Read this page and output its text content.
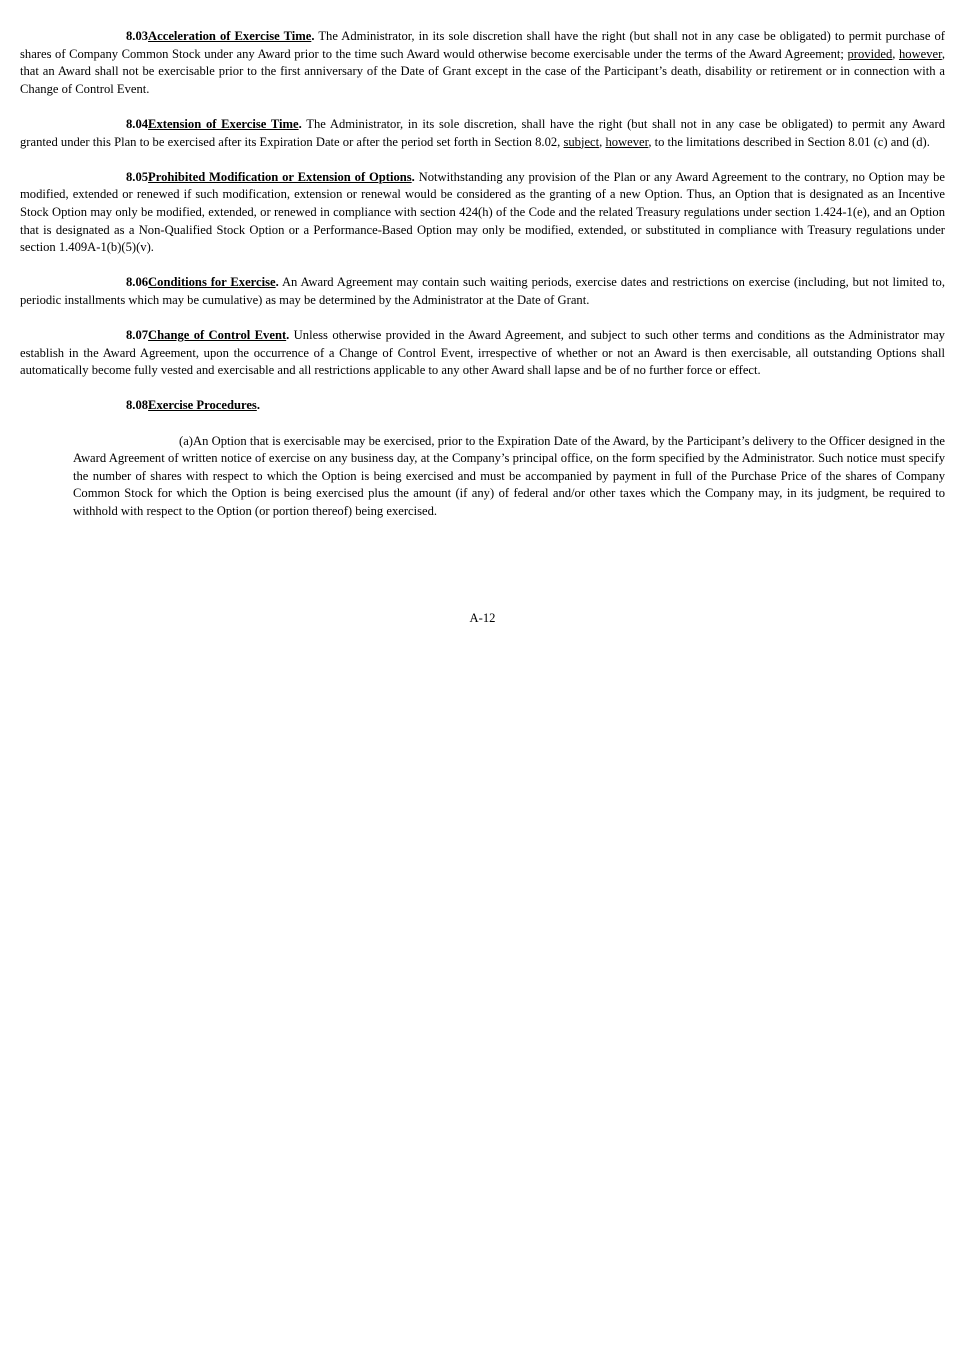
8.03Acceleration of Exercise Time. The Administrator, in its sole discretion shall have the right (but shall not in any case be obligated) to permit purchase of shares of Company Common Stock under any Award prior to the time such Award would otherwise become exercisable under the terms of the Award Agreement; provided, however, that an Award shall not be exercisable prior to the first anniversary of the Date of Grant except in the case of the Participant’s death, disability or retirement or in connection with a Change of Control Event.

8.04Extension of Exercise Time. The Administrator, in its sole discretion, shall have the right (but shall not in any case be obligated) to permit any Award granted under this Plan to be exercised after its Expiration Date or after the period set forth in Section 8.02, subject, however, to the limitations described in Section 8.01 (c) and (d).

8.05Prohibited Modification or Extension of Options. Notwithstanding any provision of the Plan or any Award Agreement to the contrary, no Option may be modified, extended or renewed if such modification, extension or renewal would be considered as the granting of a new Option. Thus, an Option that is designated as an Incentive Stock Option may only be modified, extended, or renewed in compliance with section 424(h) of the Code and the related Treasury regulations under section 1.424-1(e), and an Option that is designated as a Non-Qualified Stock Option or a Performance-Based Option may only be modified, extended, or substituted in compliance with Treasury regulations under section 1.409A-1(b)(5)(v).

8.06Conditions for Exercise. An Award Agreement may contain such waiting periods, exercise dates and restrictions on exercise (including, but not limited to, periodic installments which may be cumulative) as may be determined by the Administrator at the Date of Grant.

8.07Change of Control Event. Unless otherwise provided in the Award Agreement, and subject to such other terms and conditions as the Administrator may establish in the Award Agreement, upon the occurrence of a Change of Control Event, irrespective of whether or not an Award is then exercisable, all outstanding Options shall automatically become fully vested and exercisable and all restrictions applicable to any other Award shall lapse and be of no further force or effect.

8.08Exercise Procedures.

(a)An Option that is exercisable may be exercised, prior to the Expiration Date of the Award, by the Participant’s delivery to the Officer designed in the Award Agreement of written notice of exercise on any business day, at the Company’s principal office, on the form specified by the Administrator. Such notice must specify the number of shares with respect to which the Option is being exercised and must be accompanied by payment in full of the Purchase Price of the shares of Company Common Stock for which the Option is being exercised plus the amount (if any) of federal and/or other taxes which the Company may, in its judgment, be required to withhold with respect to the Option (or portion thereof) being exercised.

A-12
